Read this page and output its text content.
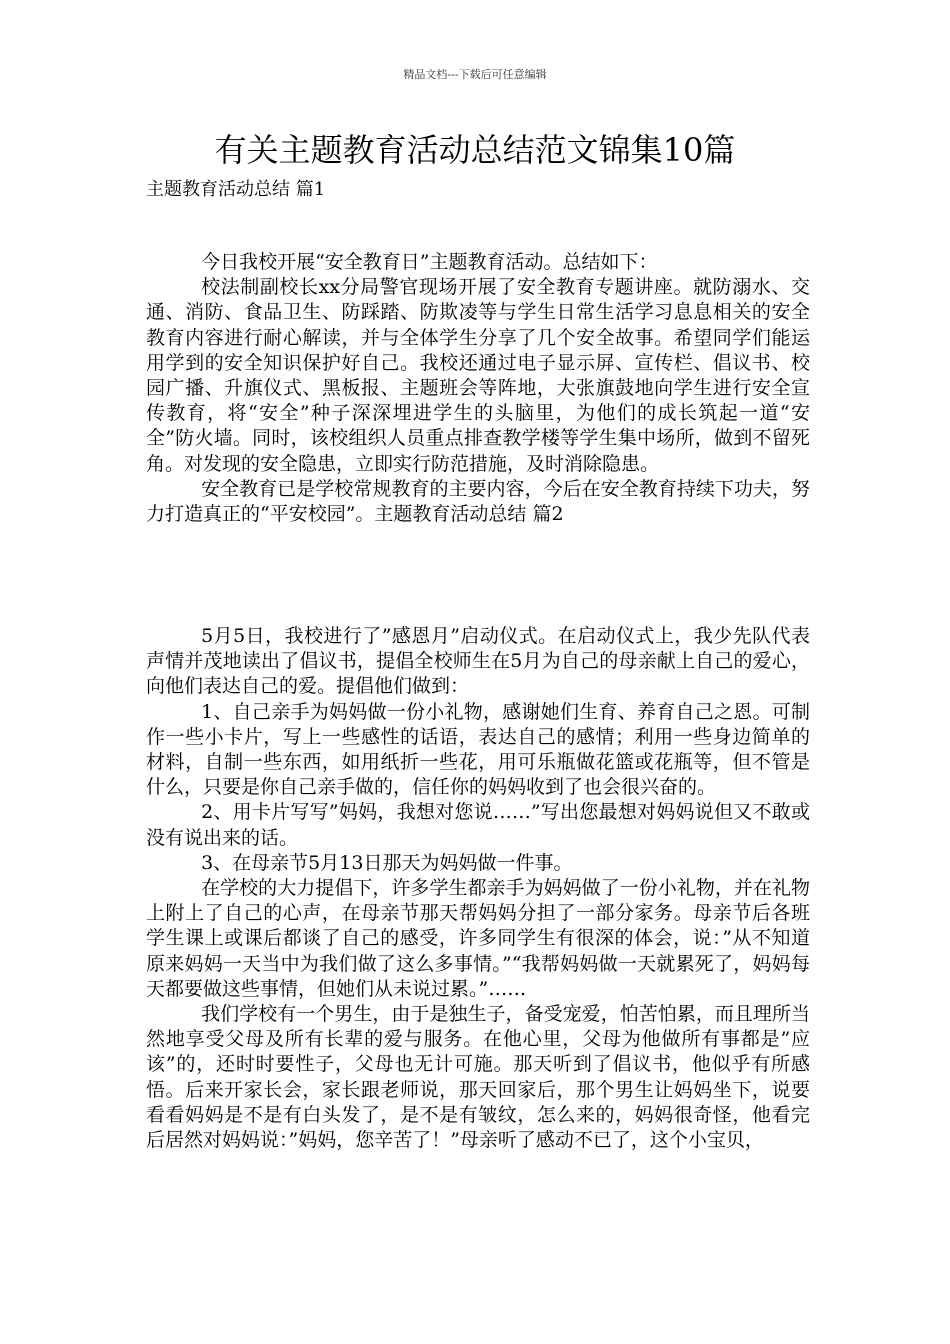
精品文档---下载后可任意编辑
有关主题教育活动总结范文锦集10篇
主题教育活动总结 篇1

今日我校开展“安全教育日”主题教育活动。总结如下：

校法制副校长xx分局警官现场开展了安全教育专题讲座。就防溺水、交通、消防、食品卫生、防踩踏、防欺凌等与学生日常生活学习息息相关的安全教育内容进行耐心解读，并与全体学生分享了几个安全故事。希望同学们能运用学到的安全知识保护好自己。我校还通过电子显示屏、宣传栏、倡议书、校园广播、升旗仪式、黑板报、主题班会等阵地，大张旗鼓地向学生进行安全宣传教育，将“安全”种子深深埋进学生的头脑里，为他们的成长筑起一道“安全”防火墙。同时，该校组织人员重点排查教学楼等学生集中场所，做到不留死角。对发现的安全隐患，立即实行防范措施，及时消除隐患。

安全教育已是学校常规教育的主要内容，今后在安全教育持续下功夫，努力打造真正的“平安校园”。主题教育活动总结 篇2

5月5日，我校进行了”感恩月”启动仪式。在启动仪式上，我少先队代表声情并茂地读出了倡议书，提倡全校师生在5月为自己的母亲献上自己的爱心，向他们表达自己的爱。提倡他们做到：

1、自己亲手为妈妈做一份小礼物，感谢她们生育、养育自己之恩。可制作一些小卡片，写上一些感性的话语，表达自己的感情；利用一些身边简单的材料，自制一些东西，如用纸折一些花，用可乐瓶做花篮或花瓶等，但不管是什么，只要是你自己亲手做的，信任你的妈妈收到了也会很兴奋的。

2、用卡片写写”妈妈，我想对您说……”写出您最想对妈妈说但又不敢或没有说出来的话。

3、在母亲节5月13日那天为妈妈做一件事。

在学校的大力提倡下，许多学生都亲手为妈妈做了一份小礼物，并在礼物上附上了自己的心声，在母亲节那天帮妈妈分担了一部分家务。母亲节后各班学生课上或课后都谈了自己的感受，许多同学生有很深的体会，说：”从不知道原来妈妈一天当中为我们做了这么多事情。”“我帮妈妈做一天就累死了，妈妈每天都要做这些事情，但她们从未说过累。”……

我们学校有一个男生，由于是独生子，备受宠爱，怕苦怕累，而且理所当然地享受父母及所有长辈的爱与服务。在他心里，父母为他做所有事都是”应该”的，还时时要性子，父母也无计可施。那天听到了倡议书，他似乎有所感悟。后来开家长会，家长跟老师说，那天回家后，那个男生让妈妈坐下，说要看看妈妈是不是有白头发了，是不是有皱纹，怎么来的，妈妈很奇怪，他看完后居然对妈妈说：”妈妈，您辛苦了！”母亲听了感动不已了，这个小宝贝，
